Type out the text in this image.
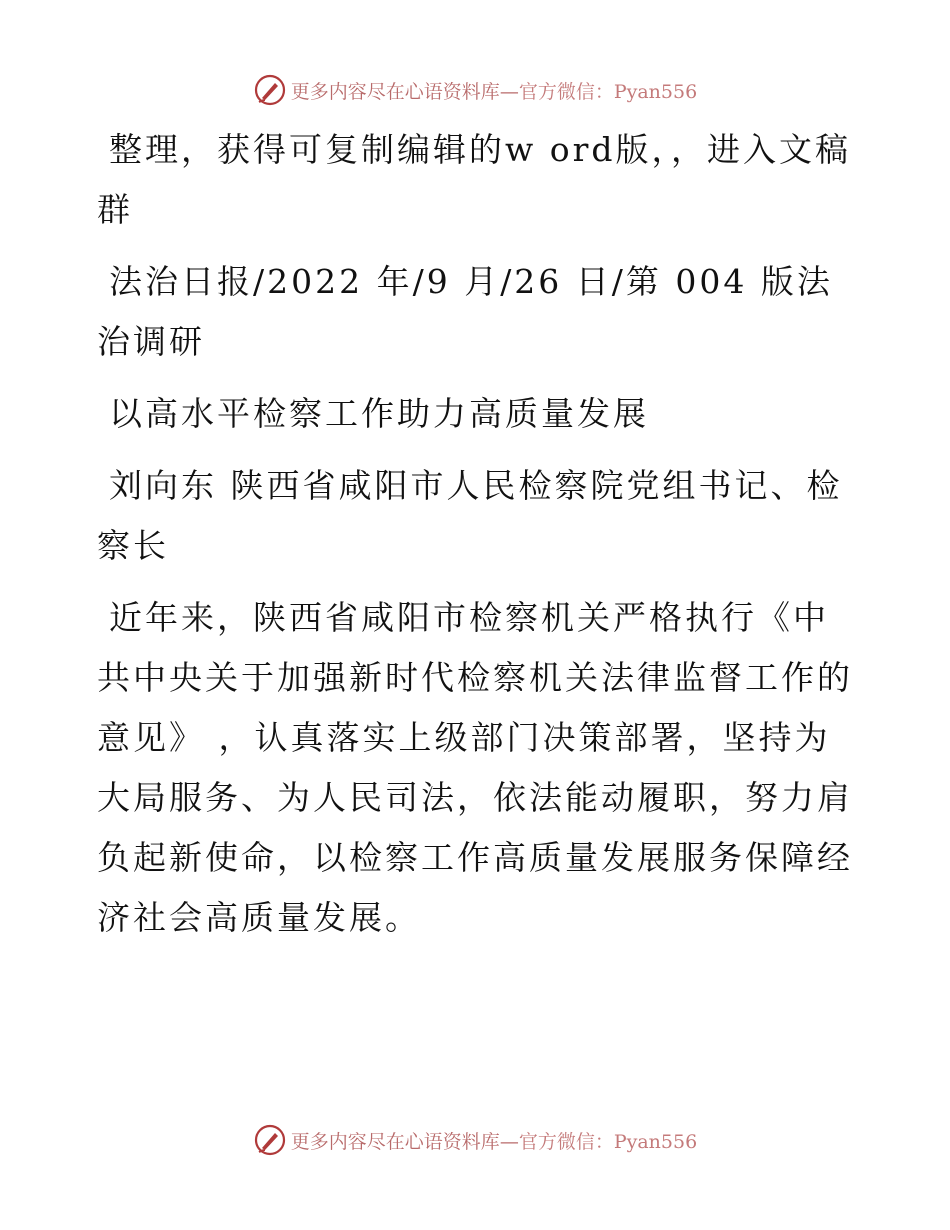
更多内容尽在心语资料库—官方微信：Pyan556

整理，获得可复制编辑的w ord版，，进入文稿群

法治日报/2022 年/9 月/26 日/第 004 版法治调研

以高水平检察工作助力高质量发展

刘向东 陕西省咸阳市人民检察院党组书记、检察长

近年来，陕西省咸阳市检察机关严格执行《中共中央关于加强新时代检察机关法律监督工作的意见》 ，认真落实上级部门决策部署，坚持为大局服务、为人民司法，依法能动履职，努力肩负起新使命，以检察工作高质量发展服务保障经济社会高质量发展。

更多内容尽在心语资料库—官方微信：Pyan556
